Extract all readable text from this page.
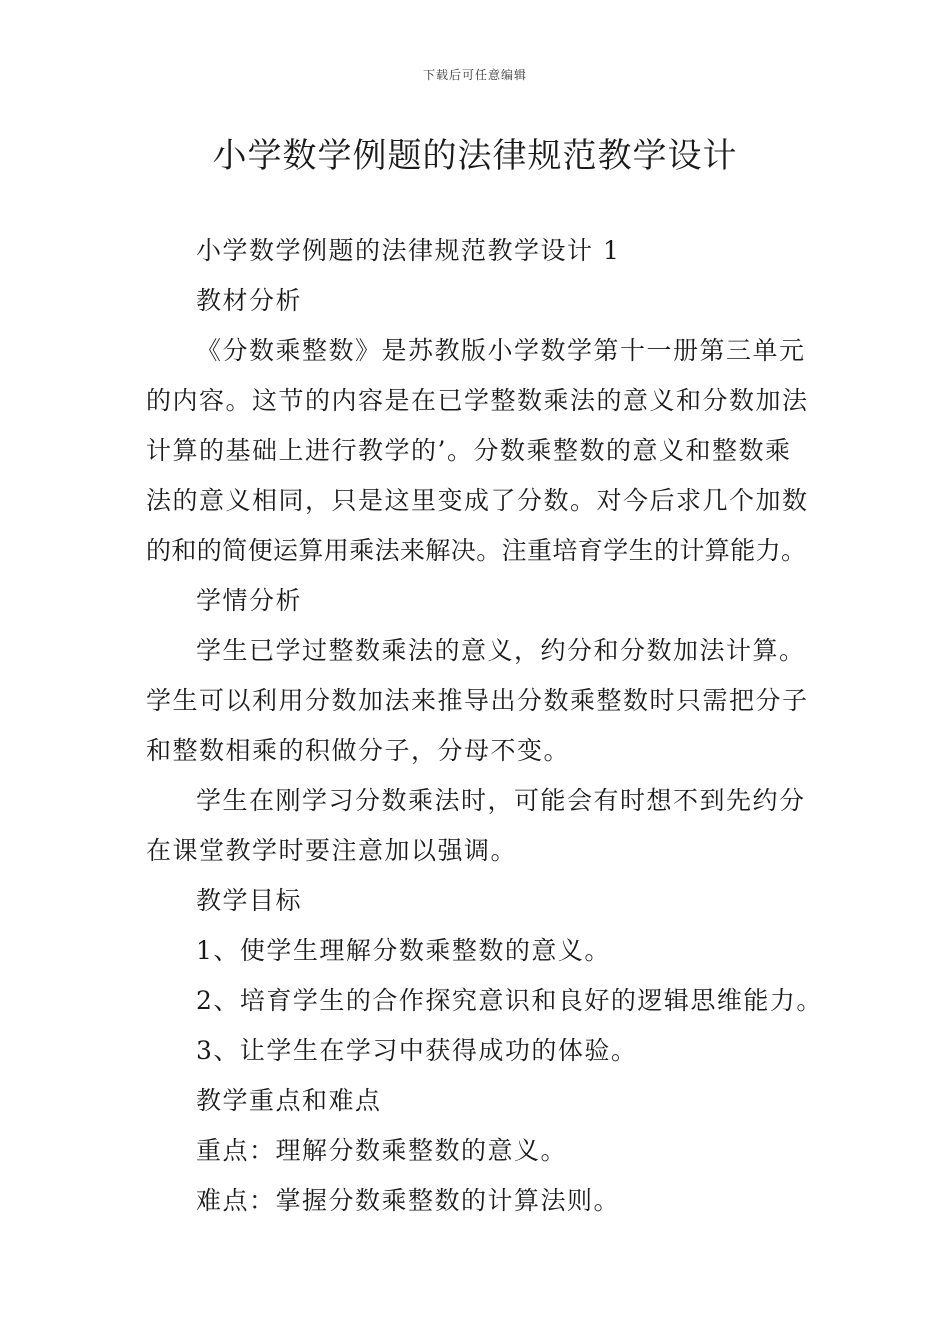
下载后可任意编辑
小学数学例题的法律规范教学设计
小学数学例题的法律规范教学设计 1
教材分析
《分数乘整数》是苏教版小学数学第十一册第三单元
的内容。这节的内容是在已学整数乘法的意义和分数加法
计算的基础上进行教学的’。分数乘整数的意义和整数乘
法的意义相同，只是这里变成了分数。对今后求几个加数
的和的简便运算用乘法来解决。注重培育学生的计算能力。
学情分析
学生已学过整数乘法的意义，约分和分数加法计算。
学生可以利用分数加法来推导出分数乘整数时只需把分子
和整数相乘的积做分子，分母不变。
学生在刚学习分数乘法时，可能会有时想不到先约分
在课堂教学时要注意加以强调。
教学目标
1、使学生理解分数乘整数的意义。
2、培育学生的合作探究意识和良好的逻辑思维能力。
3、让学生在学习中获得成功的体验。
教学重点和难点
重点：理解分数乘整数的意义。
难点：掌握分数乘整数的计算法则。
